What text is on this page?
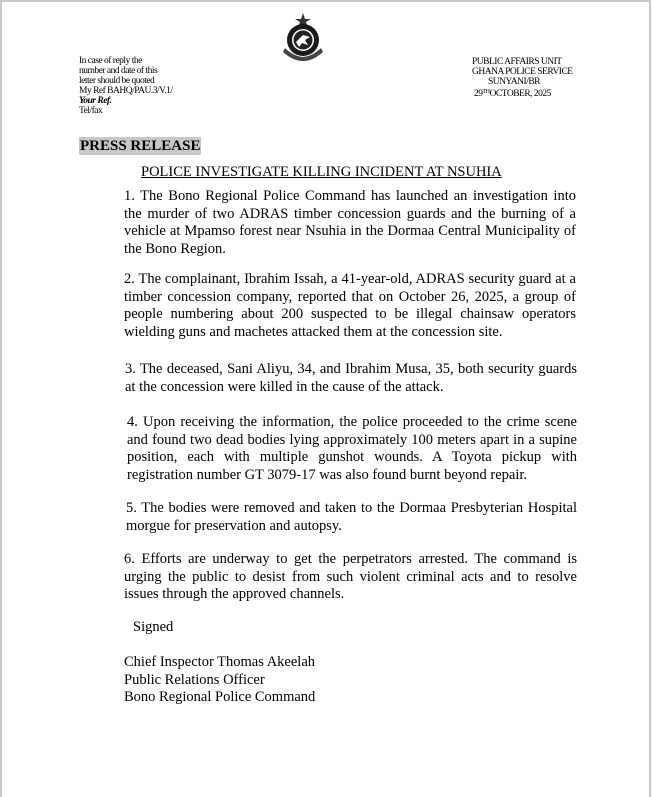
In case of reply the
number and date of this
letter should be quoted
My Ref BAHQ/PAU.3/V.1/
Your Ref.
Tel/fax
PUBLIC AFFAIRS UNIT
GHANA POLICE SERVICE
SUNYANI/BR
29THOCTOBER, 2025
PRESS RELEASE
POLICE INVESTIGATE KILLING INCIDENT AT NSUHIA
1. The Bono Regional Police Command has launched an investigation into the murder of two ADRAS timber concession guards and the burning of a vehicle at Mpamso forest near Nsuhia in the Dormaa Central Municipality of the Bono Region.
2. The complainant, Ibrahim Issah, a 41-year-old, ADRAS security guard at a timber concession company, reported that on October 26, 2025, a group of people numbering about 200 suspected to be illegal chainsaw operators wielding guns and machetes attacked them at the concession site.
3. The deceased, Sani Aliyu, 34, and Ibrahim Musa, 35, both security guards at the concession were killed in the cause of the attack.
4. Upon receiving the information, the police proceeded to the crime scene and found two dead bodies lying approximately 100 meters apart in a supine position, each with multiple gunshot wounds. A Toyota pickup with registration number GT 3079-17 was also found burnt beyond repair.
5. The bodies were removed and taken to the Dormaa Presbyterian Hospital morgue for preservation and autopsy.
6. Efforts are underway to get the perpetrators arrested. The command is urging the public to desist from such violent criminal acts and to resolve issues through the approved channels.
Signed
Chief Inspector Thomas Akeelah
Public Relations Officer
Bono Regional Police Command
